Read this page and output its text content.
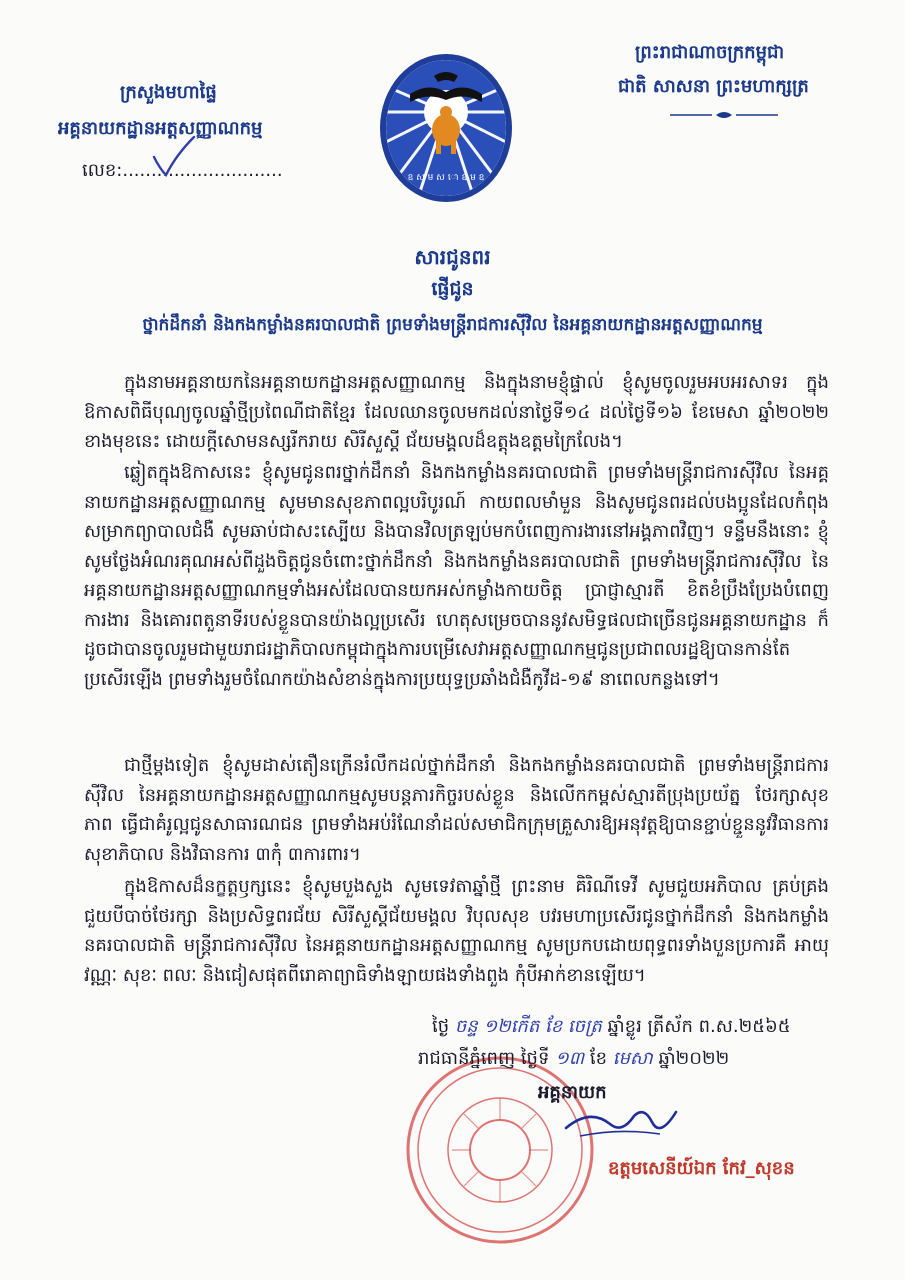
ព្រះរាជាណាចក្រកម្ពុជា
ជាតិ សាសនា ព្រះមហាក្សត្រ
ក្រសួងមហាផ្ទៃ
អគ្គនាយកដ្ឋានអត្តសញ្ញាណកម្ម
លេខ:............................	ឧ ស ម ស ោ ឧ ម ឧ
សារជូនពរ
ផ្ញើជូន
ថ្នាក់ដឹកនាំ និងកងកម្លាំងនគរបាលជាតិ ព្រមទាំងមន្ត្រីរាជការស៊ីវិល នៃអគ្គនាយកដ្ឋានអត្តសញ្ញាណកម្ម

ក្នុងនាមអគ្គនាយកនៃអគ្គនាយកដ្ឋានអត្តសញ្ញាណកម្ម និងក្នុងនាមខ្ញុំផ្ទាល់ ខ្ញុំសូមចូលរួមអបអរសាទរ ក្នុងឱកាសពិធីបុណ្យចូលឆ្នាំថ្មីប្រពៃណីជាតិខ្មែរ ដែលឈានចូលមកដល់នាថ្ងៃទី១៤ ដល់ថ្ងៃទី១៦ ខែមេសា ឆ្នាំ២០២២ ខាងមុខនេះ ដោយក្ដីសោមនស្សរីករាយ សិរីសួស្ដី ជ័យមង្គលដ៏ឧត្តុងឧត្តមក្រៃលែង។

ឆ្លៀតក្នុងឱកាសនេះ ខ្ញុំសូមជូនពរថ្នាក់ដឹកនាំ និងកងកម្លាំងនគរបាលជាតិ ព្រមទាំងមន្ត្រីរាជការស៊ីវិល នៃអគ្គនាយកដ្ឋានអត្តសញ្ញាណកម្ម សូមមានសុខភាពល្អបរិបូរណ៍ កាយពលមាំមួន និងសូមជូនពរដល់បងប្អូនដែលកំពុងសម្រាកព្យាបាលជំងឺ សូមឆាប់ជាសះស្បើយ និងបានវិលត្រឡប់មកបំពេញការងារនៅអង្គភាពវិញ។ ទន្ទឹមនឹងនោះ ខ្ញុំសូមថ្លែងអំណរគុណអស់ពីដួងចិត្តជូនចំពោះថ្នាក់ដឹកនាំ និងកងកម្លាំងនគរបាលជាតិ ព្រមទាំងមន្ត្រីរាជការស៊ីវិល នៃអគ្គនាយកដ្ឋានអត្តសញ្ញាណកម្មទាំងអស់ដែលបានយកអស់កម្លាំងកាយចិត្ត ប្រាជ្ញាស្មារតី ខិតខំប្រឹងប្រែងបំពេញការងារ និងគោរពតួនាទីរបស់ខ្លួនបានយ៉ាងល្អប្រសើរ ហេតុសម្រេចបាននូវសមិទ្ធផលជាច្រើនជូនអគ្គនាយកដ្ឋាន ក៏ដូចជាបានចូលរួមជាមួយរាជរដ្ឋាភិបាលកម្ពុជាក្នុងការបម្រើសេវាអត្តសញ្ញាណកម្មជូនប្រជាពលរដ្ឋឱ្យបានកាន់តែប្រសើរឡើង ព្រមទាំងរួមចំណែកយ៉ាងសំខាន់ក្នុងការប្រយុទ្ធប្រឆាំងជំងឺកូវីដ-១៩ នាពេលកន្លងទៅ។

ជាថ្មីម្ដងទៀត ខ្ញុំសូមដាស់តឿនក្រើនរំលឹកដល់ថ្នាក់ដឹកនាំ និងកងកម្លាំងនគរបាលជាតិ ព្រមទាំងមន្ត្រីរាជការស៊ីវិល នៃអគ្គនាយកដ្ឋានអត្តសញ្ញាណកម្មសូមបន្តភារកិច្ចរបស់ខ្លួន និងលើកកម្ពស់ស្មារតីប្រុងប្រយ័ត្ន ថែរក្សាសុខភាព ធ្វើជាគំរូល្អជូនសាធារណជន ព្រមទាំងអប់រំណែនាំដល់សមាជិកក្រុមគ្រួសារឱ្យអនុវត្តឱ្យបានខ្ជាប់ខ្ជួននូវវិធានការសុខាភិបាល និងវិធានការ ៣កុំ ៣ការពារ។

ក្នុងឱកាសដ៏នក្ខត្តឫក្សនេះ ខ្ញុំសូមបួងសួង សូមទេវតាឆ្នាំថ្មី ព្រះនាម គិរិណីទេវី សូមជួយអភិបាល គ្រប់គ្រង ជួយបីបាច់ថែរក្សា និងប្រសិទ្ធពរជ័យ សិរីសួស្ដីជ័យមង្គល វិបុលសុខ បវរមហាប្រសើរជូនថ្នាក់ដឹកនាំ និងកងកម្លាំងនគរបាលជាតិ មន្ត្រីរាជការស៊ីវិល នៃអគ្គនាយកដ្ឋានអត្តសញ្ញាណកម្ម សូមប្រកបដោយពុទ្ធពរទាំងបួនប្រការគឺ អាយុ វណ្ណៈ សុខៈ ពលៈ និងជៀសផុតពីរោគាព្យាធិទាំងឡាយផងទាំងពួង កុំបីអាក់ខានឡើយ។

ថ្ងៃ ចន្ទ ១២កើត ខែ ចេត្រ ឆ្នាំខ្លូរ ត្រីស័ក ព.ស.២៥៦៥
រាជធានីភ្នំពេញ ថ្ងៃទី ១៣ ខែ មេសា ឆ្នាំ២០២២
អគ្គនាយក
ឧត្ដមសេនីយ៍ឯក កែវ_សុខន
